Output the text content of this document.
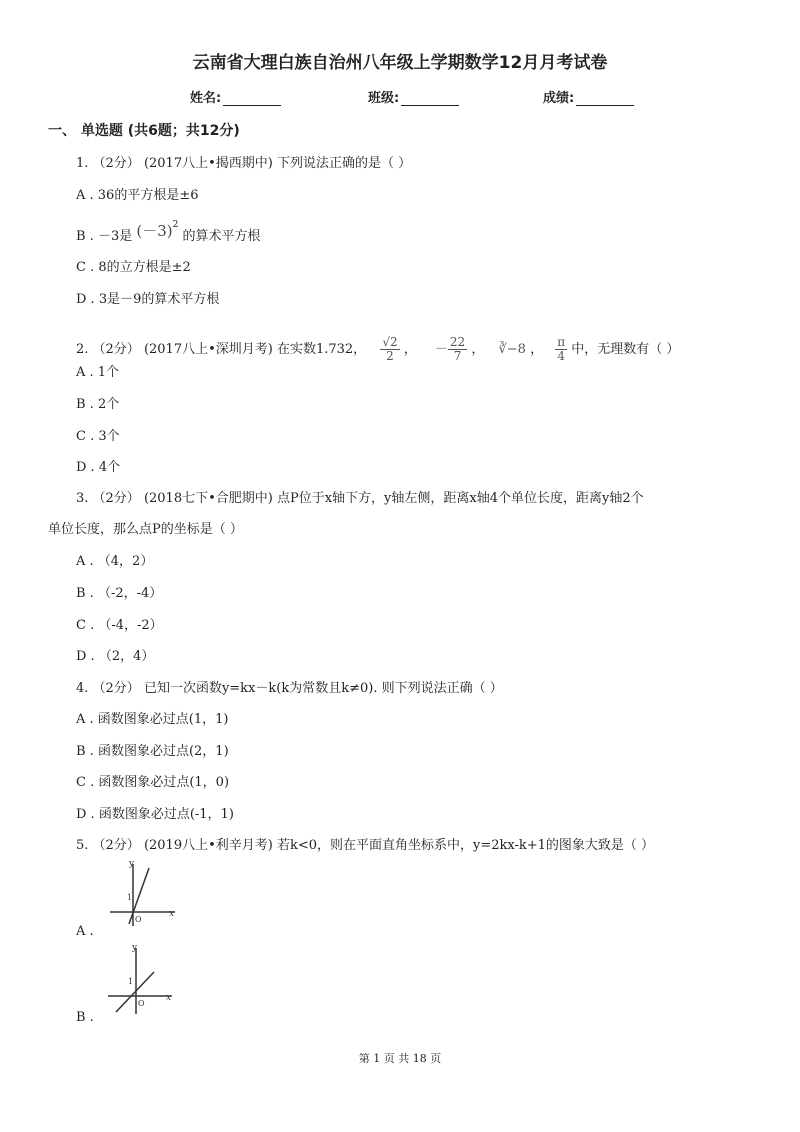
云南省大理白族自治州八年级上学期数学12月月考试卷
姓名:	班级:	成绩:
一、 单选题 (共6题；共12分)
1. （2分） (2017八上•揭西期中) 下列说法正确的是（ ）
A . 36的平方根是±6
B . －3是 $(-3)^2$ 的算术平方根
C . 8的立方根是±2
D . 3是－9的算术平方根
2. （2分） (2017八上•深圳月考) 在实数1.732， $\frac{√2}{2}$ ， － $\frac{22}{7}$ ， ∛−8 ， $\frac{\pi}{4}$ 中，无理数有（ ）
A . 1个
B . 2个
C . 3个
D . 4个
3. （2分） (2018七下•合肥期中) 点P位于x轴下方，y轴左侧，距离x轴4个单位长度，距离y轴2个
单位长度，那么点P的坐标是（ ）
A . （4，2）
B . （-2，-4）
C . （-4，-2）
D . （2，4）
4. （2分） 已知一次函数y=kx－k(k为常数且k≠0). 则下列说法正确（ ）
A . 函数图象必过点(1，1)
B . 函数图象必过点(2，1)
C . 函数图象必过点(1，0)
D . 函数图象必过点(-1，1)
5. （2分） (2019八上•利辛月考) 若k<0，则在平面直角坐标系中，y=2kx-k+1的图象大致是（ ）
y
x
1
O
A .
y
x
1
O
B .
第 1 页 共 18 页
